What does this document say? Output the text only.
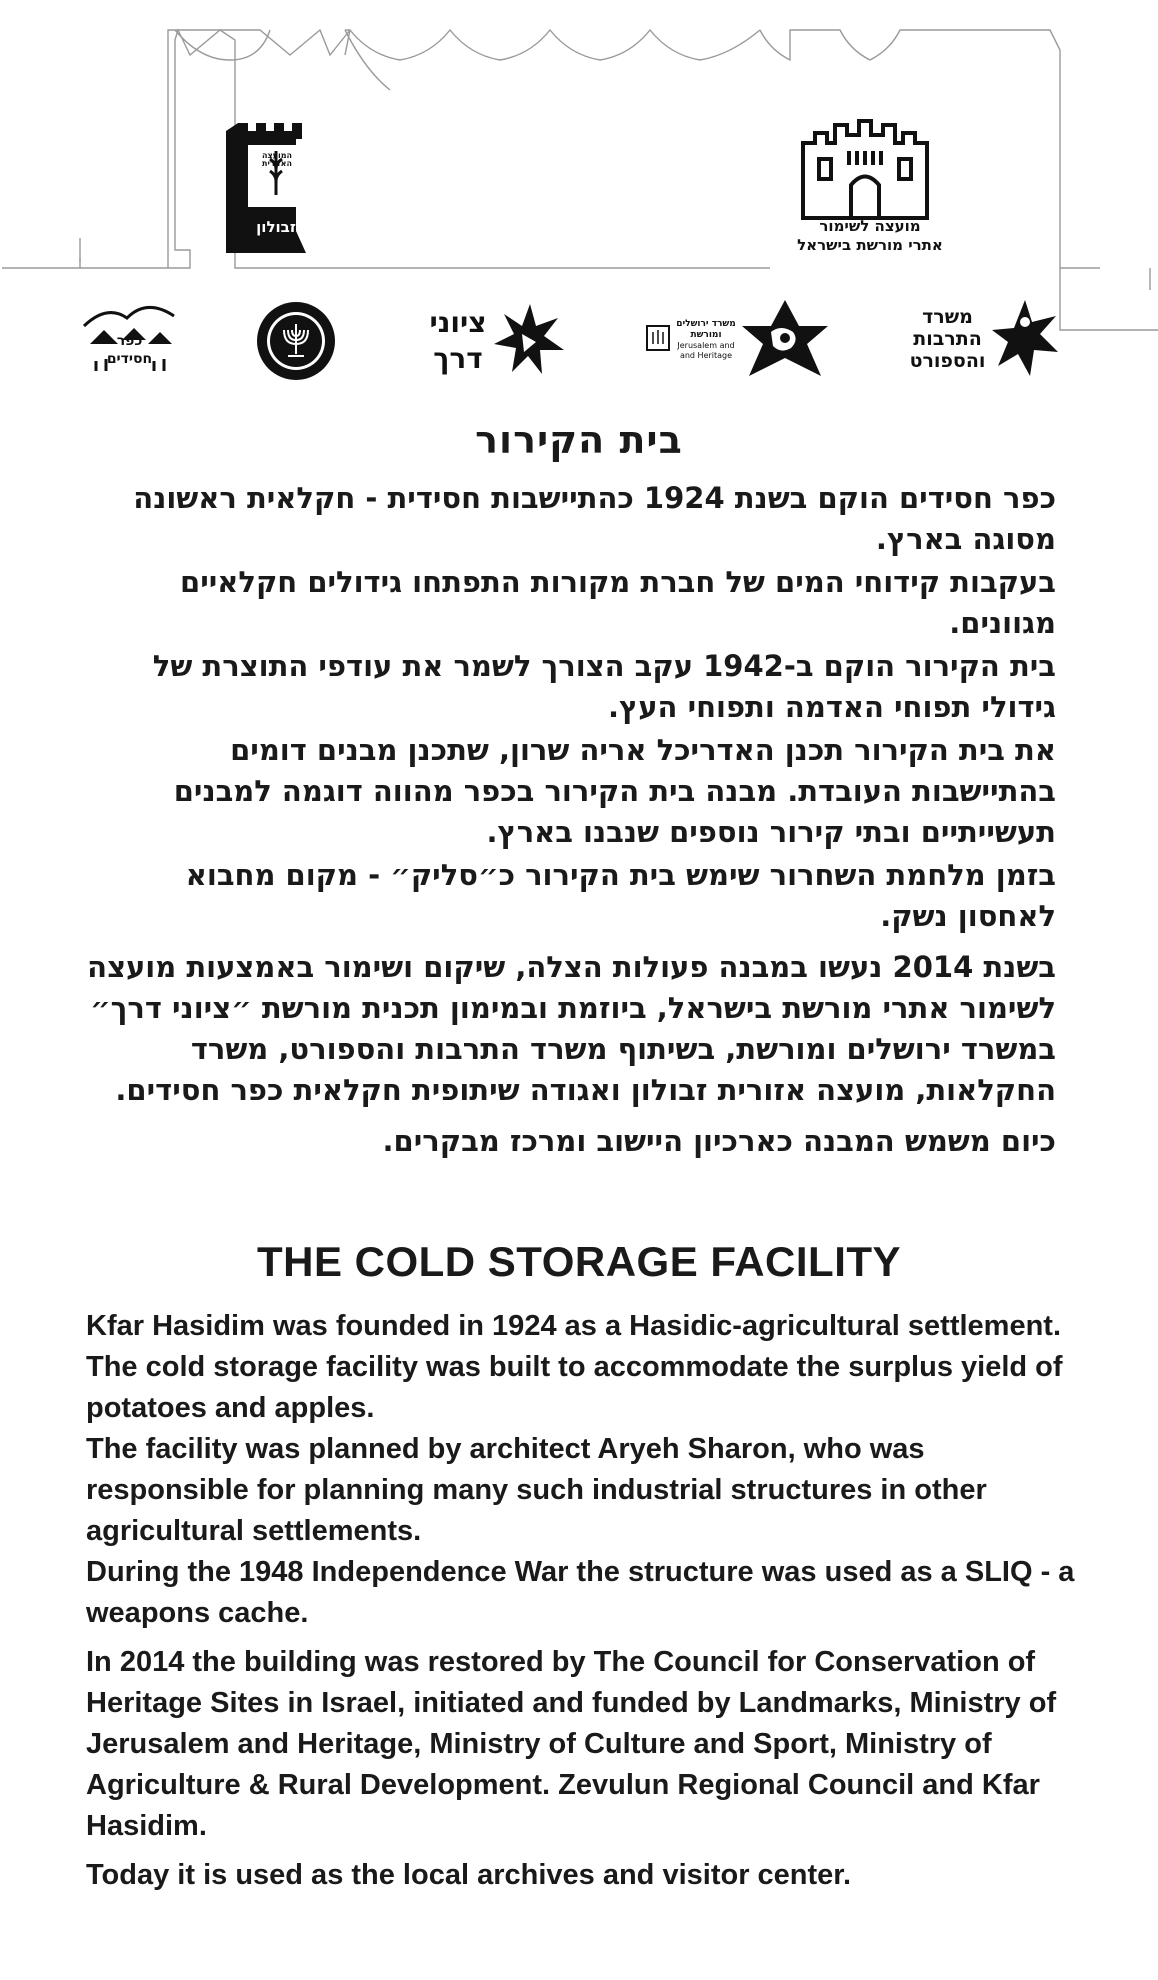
המועצה האזורית
זבולון	מועצה לשימור
אתרי מורשת בישראל
כפר
חסידים
ציוני
דרך
משרד ירושלים
ומורשת
Jerusalem and
and Heritage
משרד
התרבות
והספורט
בית הקירור

כפר חסידים הוקם בשנת 1924 כהתיישבות חסידית - חקלאית ראשונה מסוגה בארץ.

בעקבות קידוחי המים של חברת מקורות התפתחו גידולים חקלאיים מגוונים.

בית הקירור הוקם ב-1942 עקב הצורך לשמר את עודפי התוצרת של גידולי תפוחי האדמה ותפוחי העץ.

את בית הקירור תכנן האדריכל אריה שרון, שתכנן מבנים דומים בהתיישבות העובדת. מבנה בית הקירור בכפר מהווה דוגמה למבנים תעשייתיים ובתי קירור נוספים שנבנו בארץ.

בזמן מלחמת השחרור שימש בית הקירור כ״סליק״ - מקום מחבוא לאחסון נשק.

בשנת 2014 נעשו במבנה פעולות הצלה, שיקום ושימור באמצעות מועצה לשימור אתרי מורשת בישראל, ביוזמת ובמימון תכנית מורשת ״ציוני דרך״ במשרד ירושלים ומורשת, בשיתוף משרד התרבות והספורט, משרד החקלאות, מועצה אזורית זבולון ואגודה שיתופית חקלאית כפר חסידים.

כיום משמש המבנה כארכיון היישוב ומרכז מבקרים.

THE COLD STORAGE FACILITY

Kfar Hasidim was founded in 1924 as a Hasidic-agricultural settlement. The cold storage facility was built to accommodate the surplus yield of potatoes and apples.

The facility was planned by architect Aryeh Sharon, who was responsible for planning many such industrial structures in other agricultural settlements.

During the 1948 Independence War the structure was used as a SLIQ - a weapons cache.

In 2014 the building was restored by The Council for Conservation of Heritage Sites in Israel, initiated and funded by Landmarks, Ministry of Jerusalem and Heritage, Ministry of Culture and Sport, Ministry of Agriculture & Rural Development. Zevulun Regional Council and Kfar Hasidim.

Today it is used as the local archives and visitor center.
